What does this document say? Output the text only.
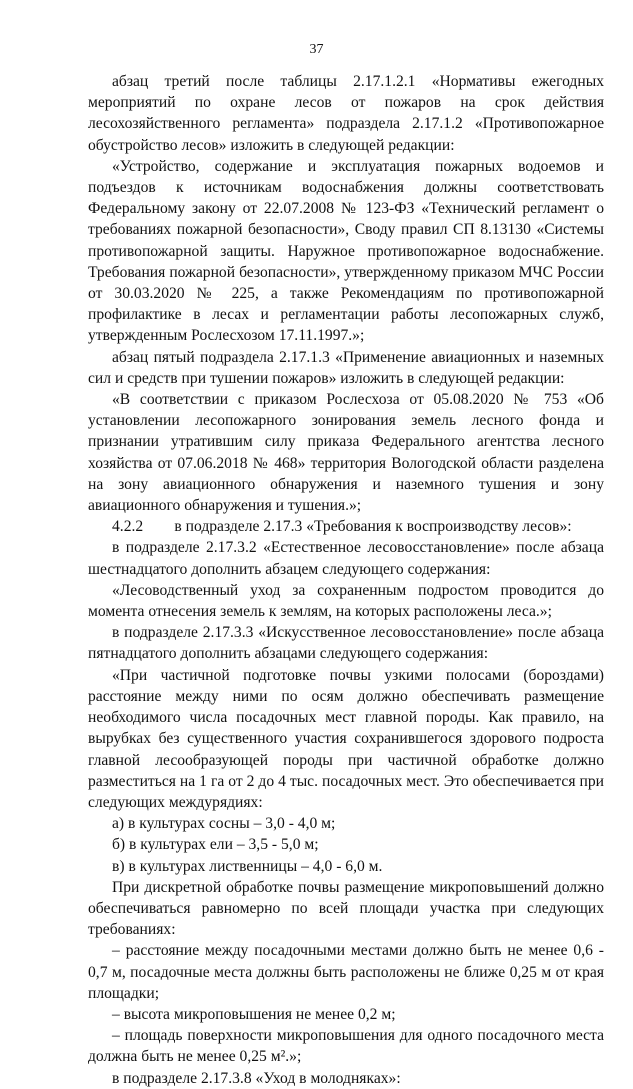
37

абзац третий после таблицы 2.17.1.2.1 «Нормативы ежегодных мероприятий по охране лесов от пожаров на срок действия лесохозяйственного регламента» подраздела 2.17.1.2 «Противопожарное обустройство лесов» изложить в следующей редакции:

«Устройство, содержание и эксплуатация пожарных водоемов и подъездов к источникам водоснабжения должны соответствовать Федеральному закону от 22.07.2008 № 123-ФЗ «Технический регламент о требованиях пожарной безопасности», Своду правил СП 8.13130 «Системы противопожарной защиты. Наружное противопожарное водоснабжение. Требования пожарной безопасности», утвержденному приказом МЧС России от 30.03.2020 № 225, а также Рекомендациям по противопожарной профилактике в лесах и регламентации работы лесопожарных служб, утвержденным Рослесхозом 17.11.1997.»;

абзац пятый подраздела 2.17.1.3 «Применение авиационных и наземных сил и средств при тушении пожаров» изложить в следующей редакции:

«В соответствии с приказом Рослесхоза от 05.08.2020 № 753 «Об установлении лесопожарного зонирования земель лесного фонда и признании утратившим силу приказа Федерального агентства лесного хозяйства от 07.06.2018 № 468» территория Вологодской области разделена на зону авиационного обнаружения и наземного тушения и зону авиационного обнаружения и тушения.»;

4.2.2        в подразделе 2.17.3 «Требования к воспроизводству лесов»:

в подразделе 2.17.3.2 «Естественное лесовосстановление» после абзаца шестнадцатого дополнить абзацем следующего содержания:

«Лесоводственный уход за сохраненным подростом проводится до момента отнесения земель к землям, на которых расположены леса.»;

в подразделе 2.17.3.3 «Искусственное лесовосстановление» после абзаца пятнадцатого дополнить абзацами следующего содержания:

«При частичной подготовке почвы узкими полосами (бороздами) расстояние между ними по осям должно обеспечивать размещение необходимого числа посадочных мест главной породы. Как правило, на вырубках без существенного участия сохранившегося здорового подроста главной лесообразующей породы при частичной обработке должно разместиться на 1 га от 2 до 4 тыс. посадочных мест. Это обеспечивается при следующих междурядиях:

а) в культурах сосны – 3,0 - 4,0 м;

б) в культурах ели – 3,5 - 5,0 м;

в) в культурах лиственницы – 4,0 - 6,0 м.

При дискретной обработке почвы размещение микроповышений должно обеспечиваться равномерно по всей площади участка при следующих требованиях:

– расстояние между посадочными местами должно быть не менее 0,6 - 0,7 м, посадочные места должны быть расположены не ближе 0,25 м от края площадки;

– высота микроповышения не менее 0,2 м;

– площадь поверхности микроповышения для одного посадочного места должна быть не менее 0,25 м².»;

в подразделе 2.17.3.8 «Уход в молодняках»:
